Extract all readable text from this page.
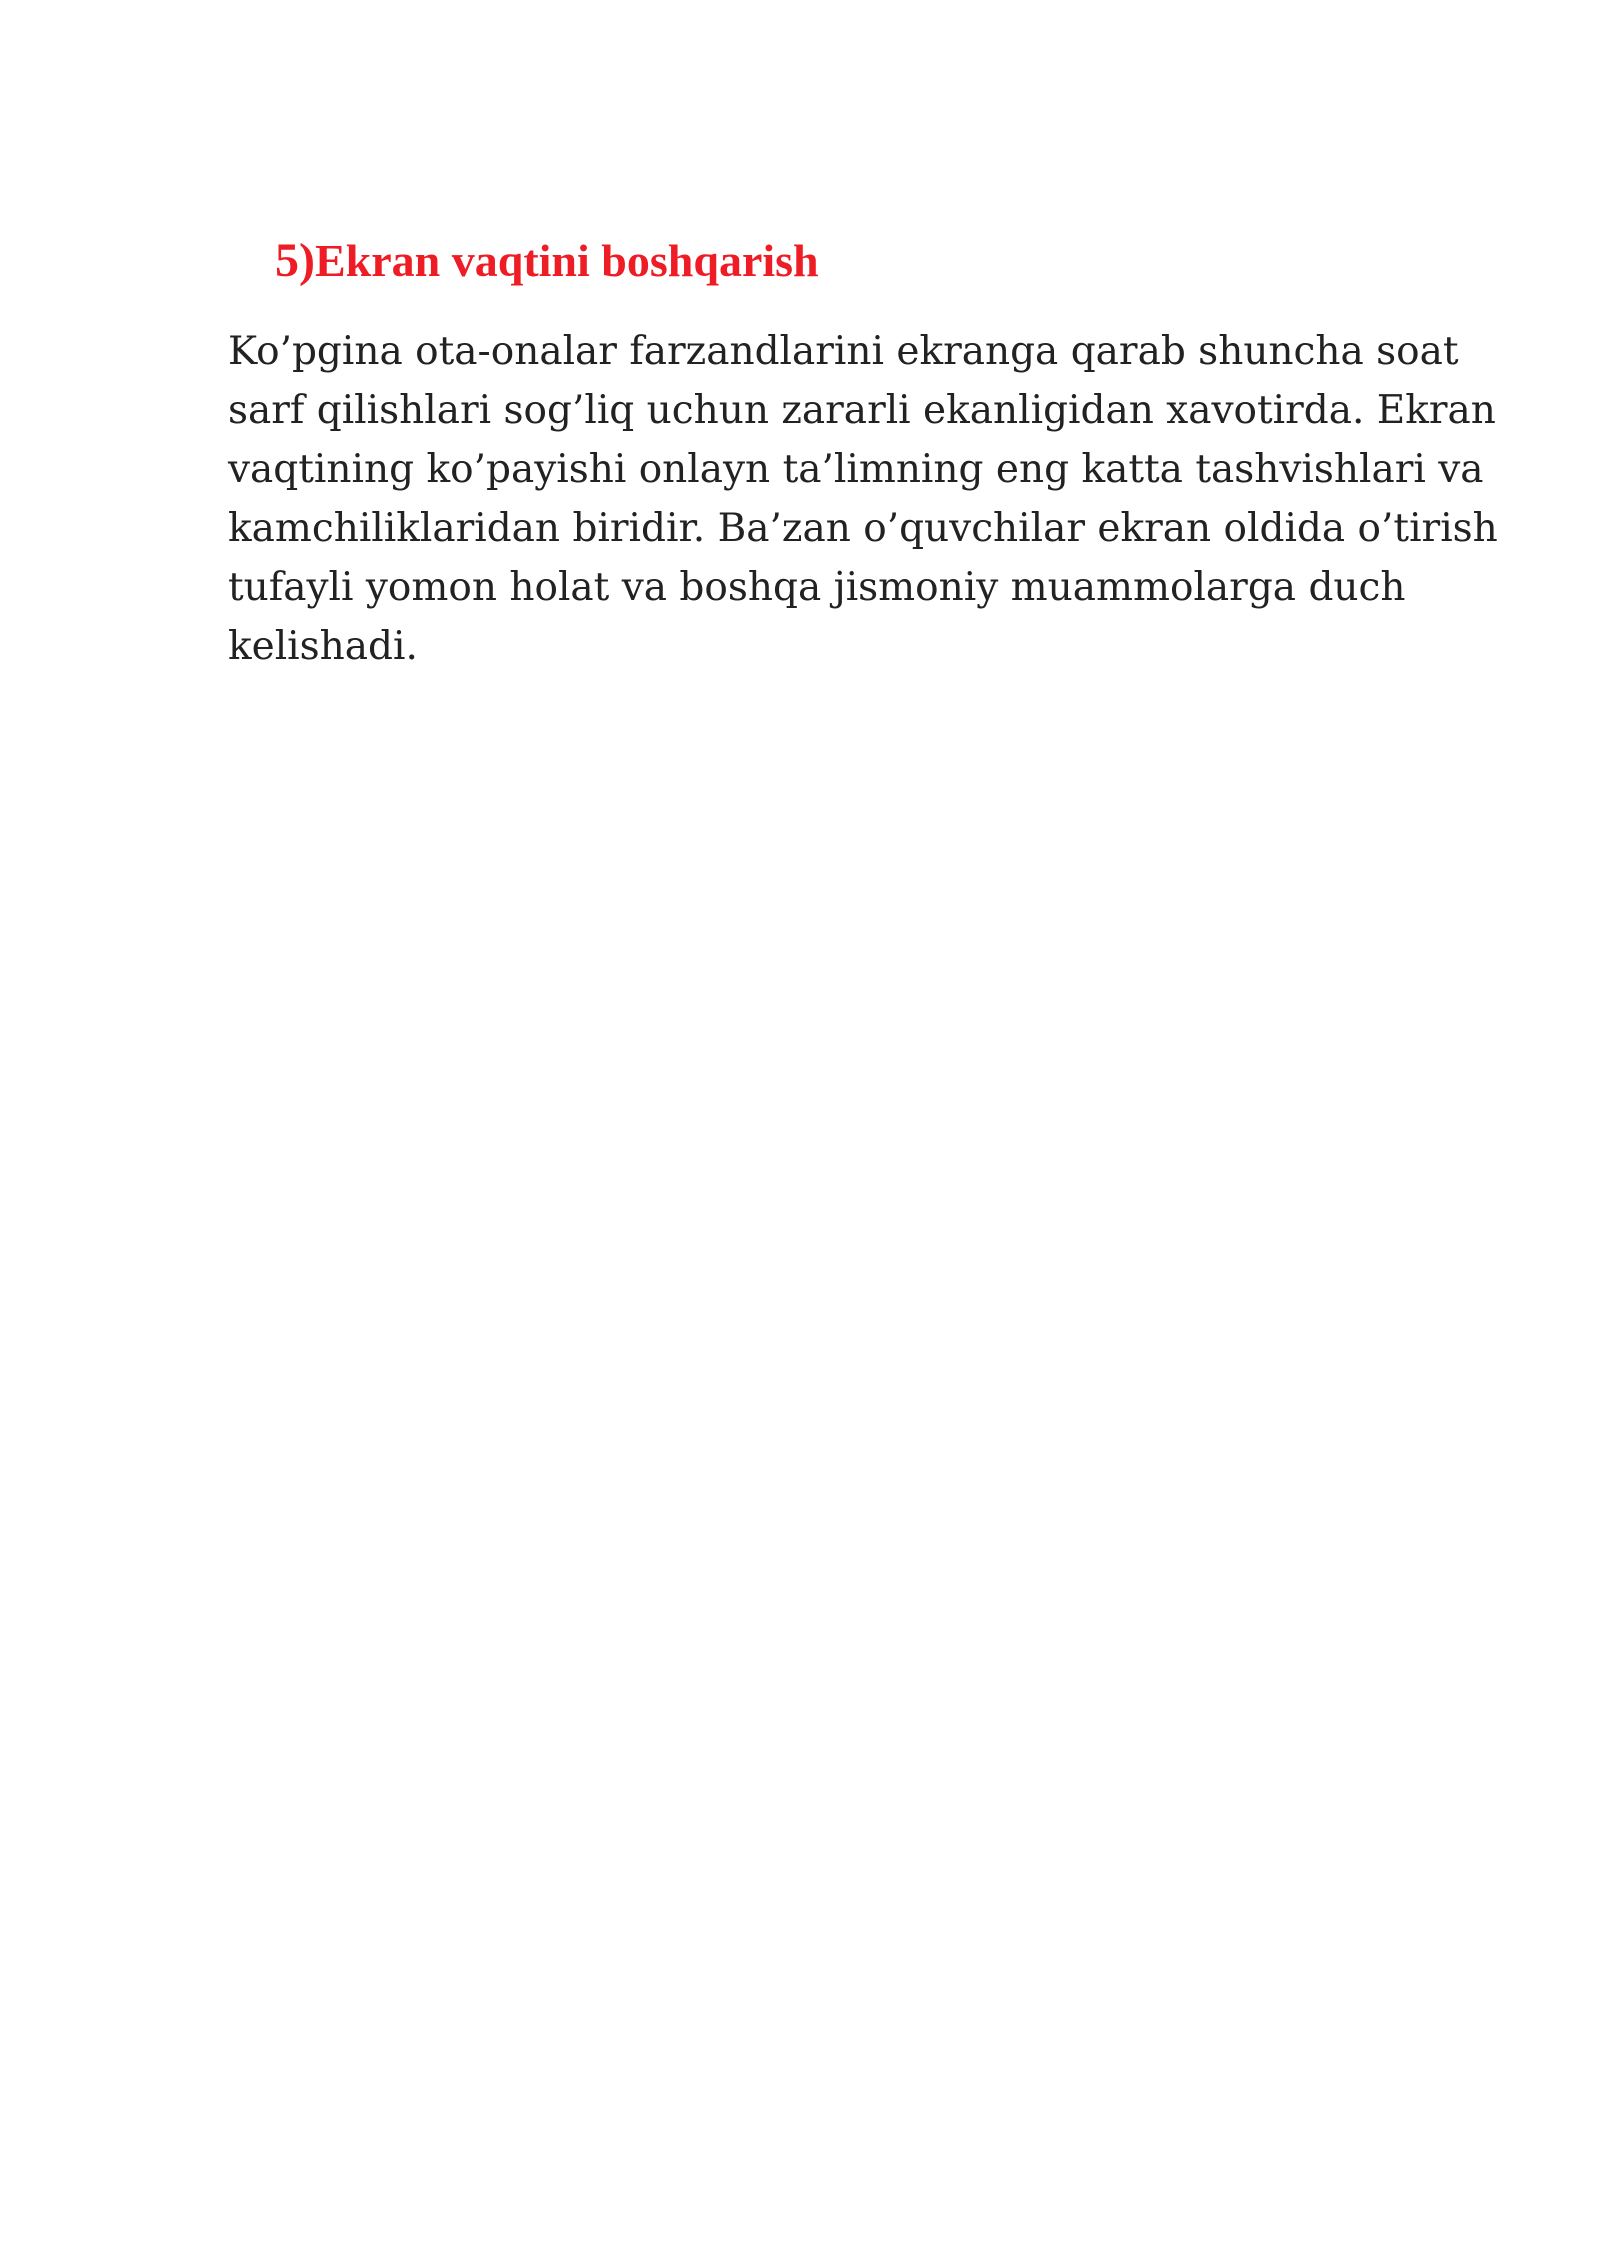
5)Ekran vaqtini boshqarish

Ko’pgina ota-onalar farzandlarini ekranga qarab shuncha soat
sarf qilishlari sog’liq uchun zararli ekanligidan xavotirda. Ekran
vaqtining ko’payishi onlayn ta’limning eng katta tashvishlari va
kamchiliklaridan biridir. Ba’zan o’quvchilar ekran oldida o’tirish
tufayli yomon holat va boshqa jismoniy muammolarga duch
kelishadi.
